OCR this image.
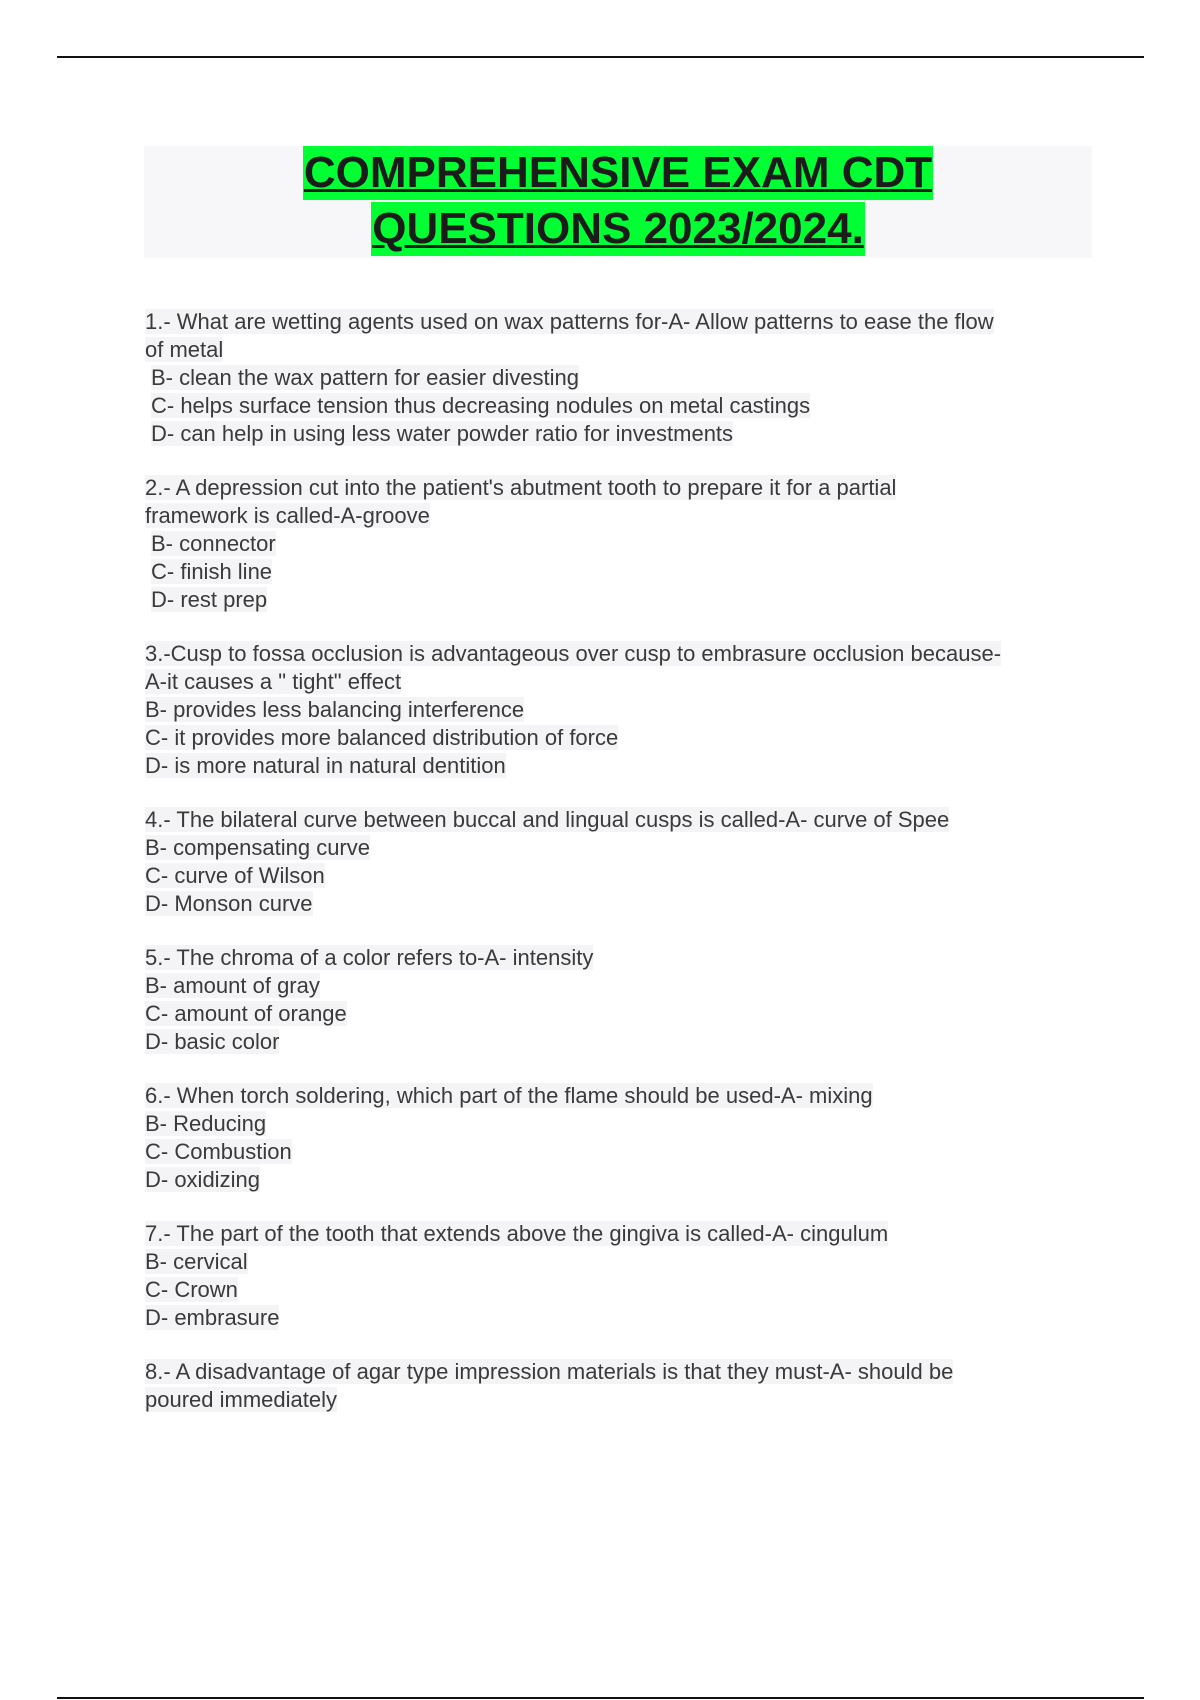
COMPREHENSIVE EXAM CDT
QUESTIONS 2023/2024.
1.- What are wetting agents used on wax patterns for-A- Allow patterns to ease the flow
of metal
B- clean the wax pattern for easier divesting
C- helps surface tension thus decreasing nodules on metal castings
D- can help in using less water powder ratio for investments
2.- A depression cut into the patient's abutment tooth to prepare it for a partial
framework is called-A-groove
B- connector
C- finish line
D- rest prep
3.-Cusp to fossa occlusion is advantageous over cusp to embrasure occlusion because-
A-it causes a " tight" effect
B- provides less balancing interference
C- it provides more balanced distribution of force
D- is more natural in natural dentition
4.- The bilateral curve between buccal and lingual cusps is called-A- curve of Spee
B- compensating curve
C- curve of Wilson
D- Monson curve
5.- The chroma of a color refers to-A- intensity
B- amount of gray
C- amount of orange
D- basic color
6.- When torch soldering, which part of the flame should be used-A- mixing
B- Reducing
C- Combustion
D- oxidizing
7.- The part of the tooth that extends above the gingiva is called-A- cingulum
B- cervical
C- Crown
D- embrasure
8.- A disadvantage of agar type impression materials is that they must-A- should be
poured immediately
